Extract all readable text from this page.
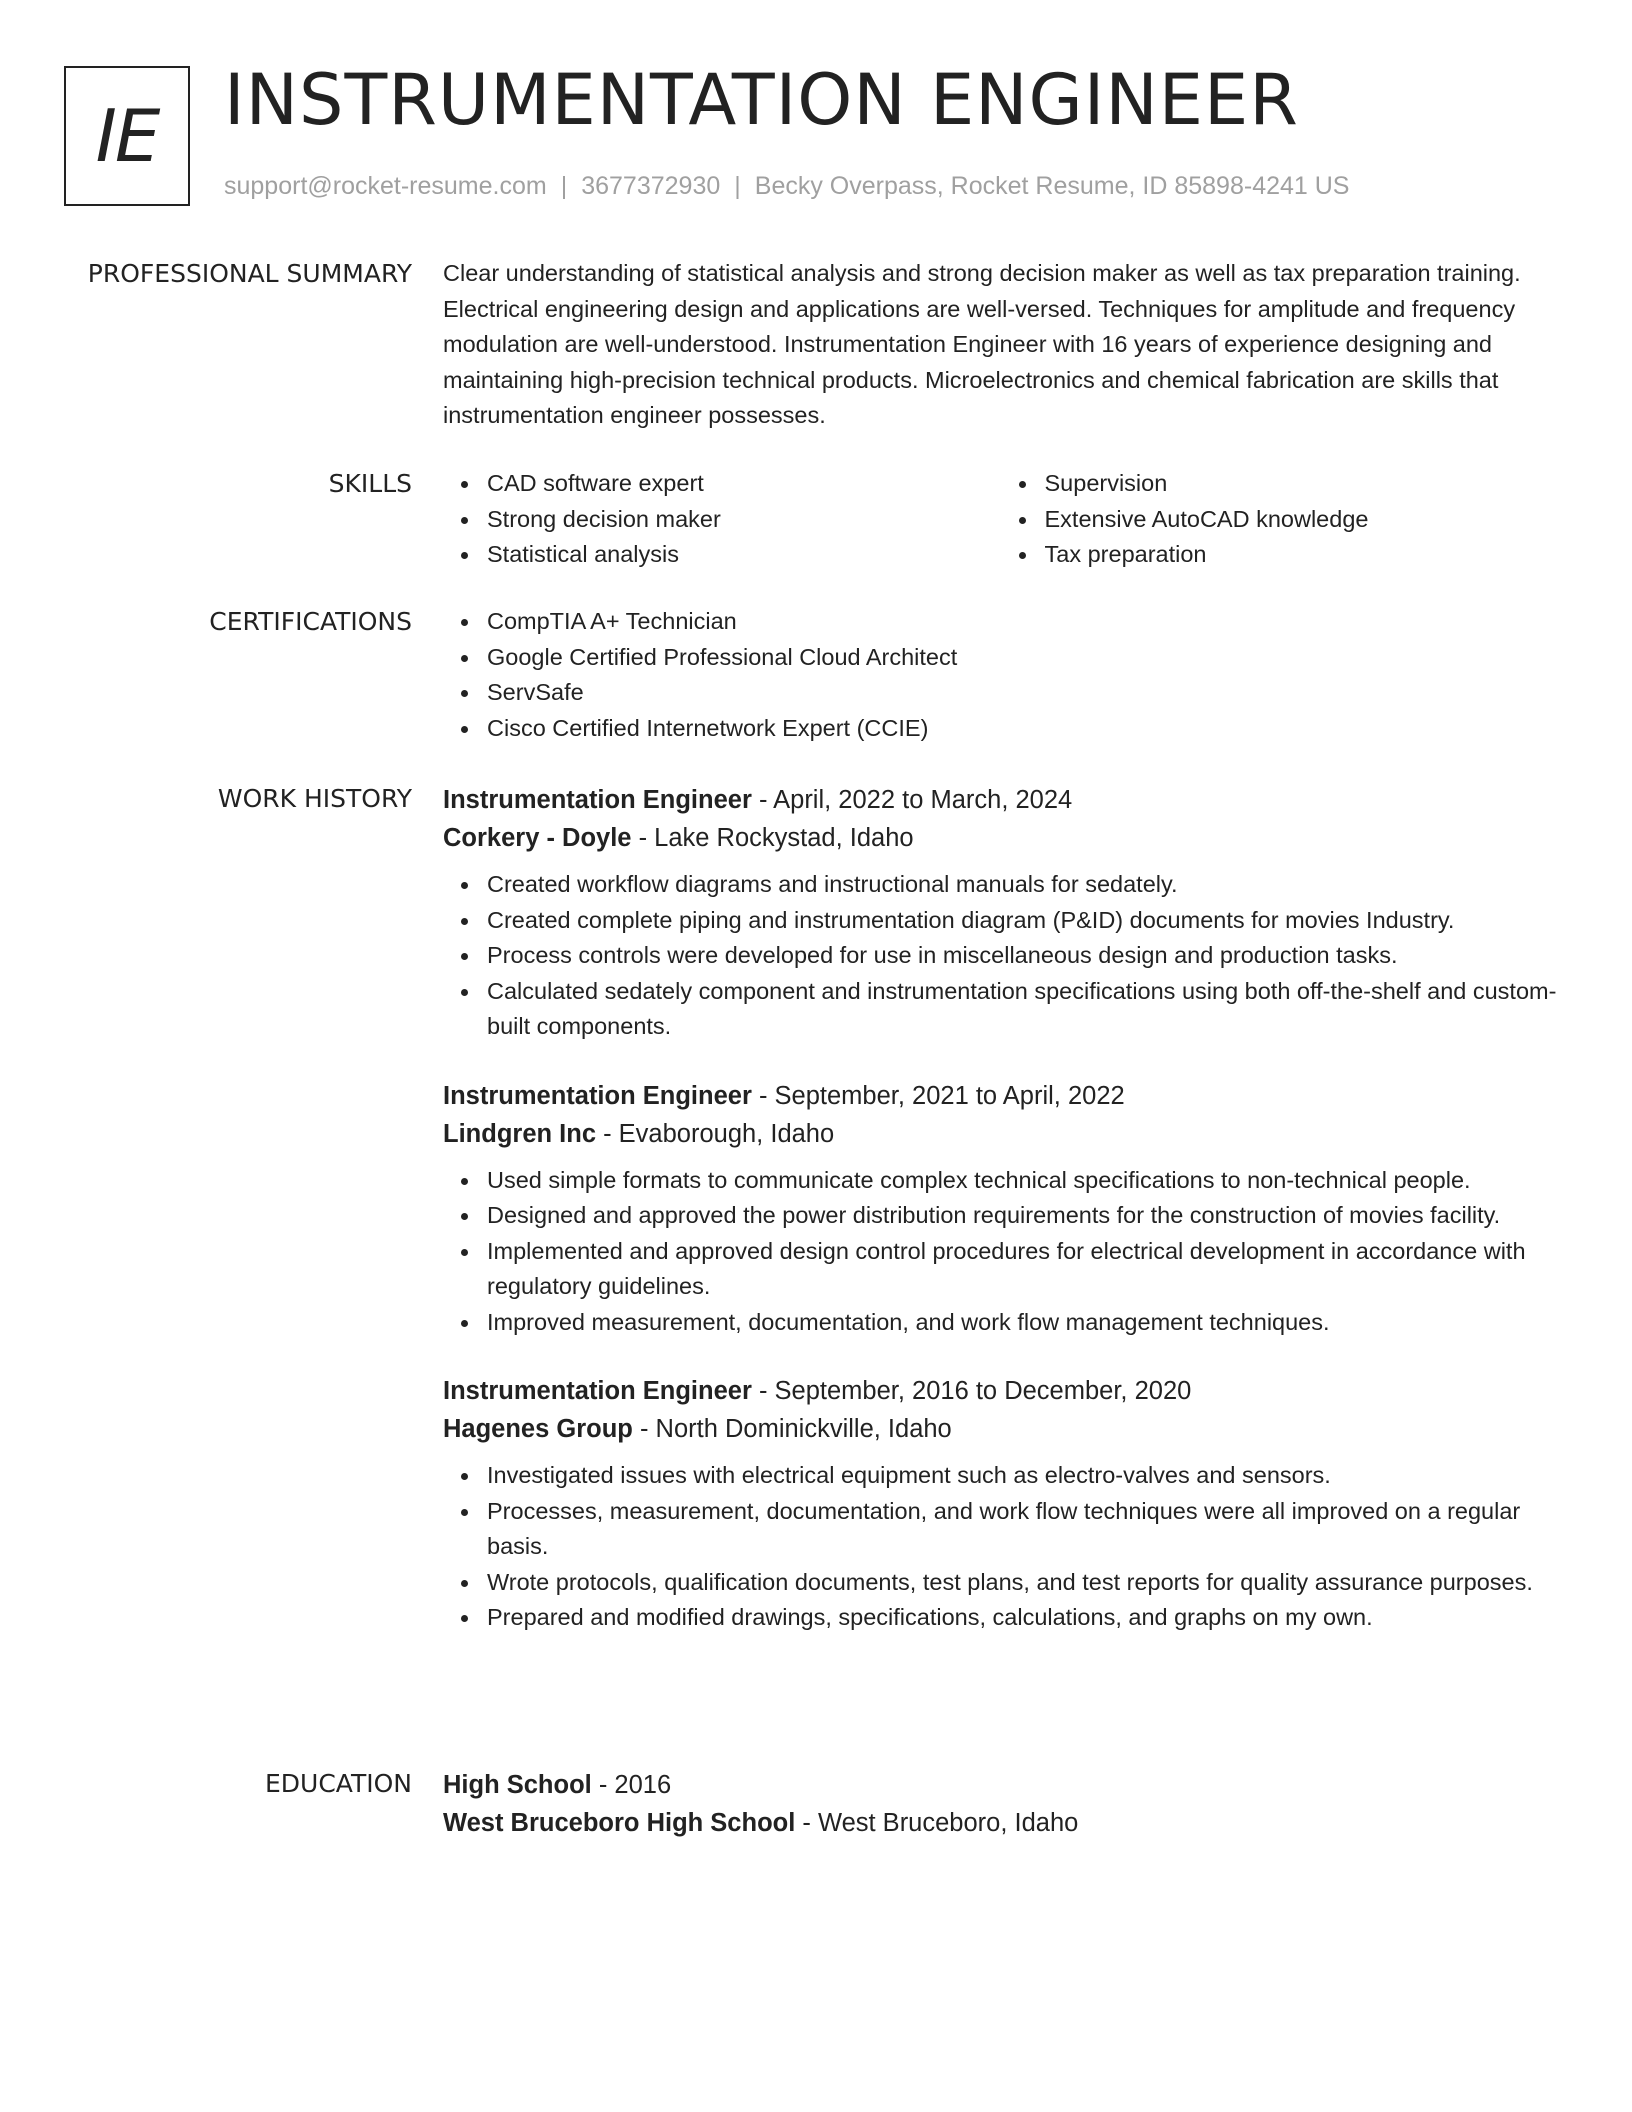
IE INSTRUMENTATION ENGINEER
support@rocket-resume.com | 3677372930 | Becky Overpass, Rocket Resume, ID 85898-4241 US
PROFESSIONAL SUMMARY Clear understanding of statistical analysis and strong decision maker as well as tax preparation training. Electrical engineering design and applications are well-versed. Techniques for amplitude and frequency modulation are well-understood. Instrumentation Engineer with 16 years of experience designing and maintaining high-precision technical products. Microelectronics and chemical fabrication are skills that instrumentation engineer possesses.

SKILLS	CAD software expert
Strong decision maker
Statistical analysis
Supervision
Extensive AutoCAD knowledge
Tax preparation
CERTIFICATIONS	CompTIA A+ Technician
Google Certified Professional Cloud Architect
ServSafe
Cisco Certified Internetwork Expert (CCIE)
WORK HISTORY Instrumentation Engineer - April, 2022 to March, 2024
Corkery - Doyle - Lake Rockystad, Idaho
Created workflow diagrams and instructional manuals for sedately.
Created complete piping and instrumentation diagram (P&ID) documents for movies Industry.
Process controls were developed for use in miscellaneous design and production tasks.
Calculated sedately component and instrumentation specifications using both off-the-shelf and custom-built components.
Instrumentation Engineer - September, 2021 to April, 2022
Lindgren Inc - Evaborough, Idaho
Used simple formats to communicate complex technical specifications to non-technical people.
Designed and approved the power distribution requirements for the construction of movies facility.
Implemented and approved design control procedures for electrical development in accordance with regulatory guidelines.
Improved measurement, documentation, and work flow management techniques.
Instrumentation Engineer - September, 2016 to December, 2020
Hagenes Group - North Dominickville, Idaho
Investigated issues with electrical equipment such as electro-valves and sensors.
Processes, measurement, documentation, and work flow techniques were all improved on a regular basis.
Wrote protocols, qualification documents, test plans, and test reports for quality assurance purposes.
Prepared and modified drawings, specifications, calculations, and graphs on my own.
EDUCATION High School - 2016
West Bruceboro High School - West Bruceboro, Idaho
